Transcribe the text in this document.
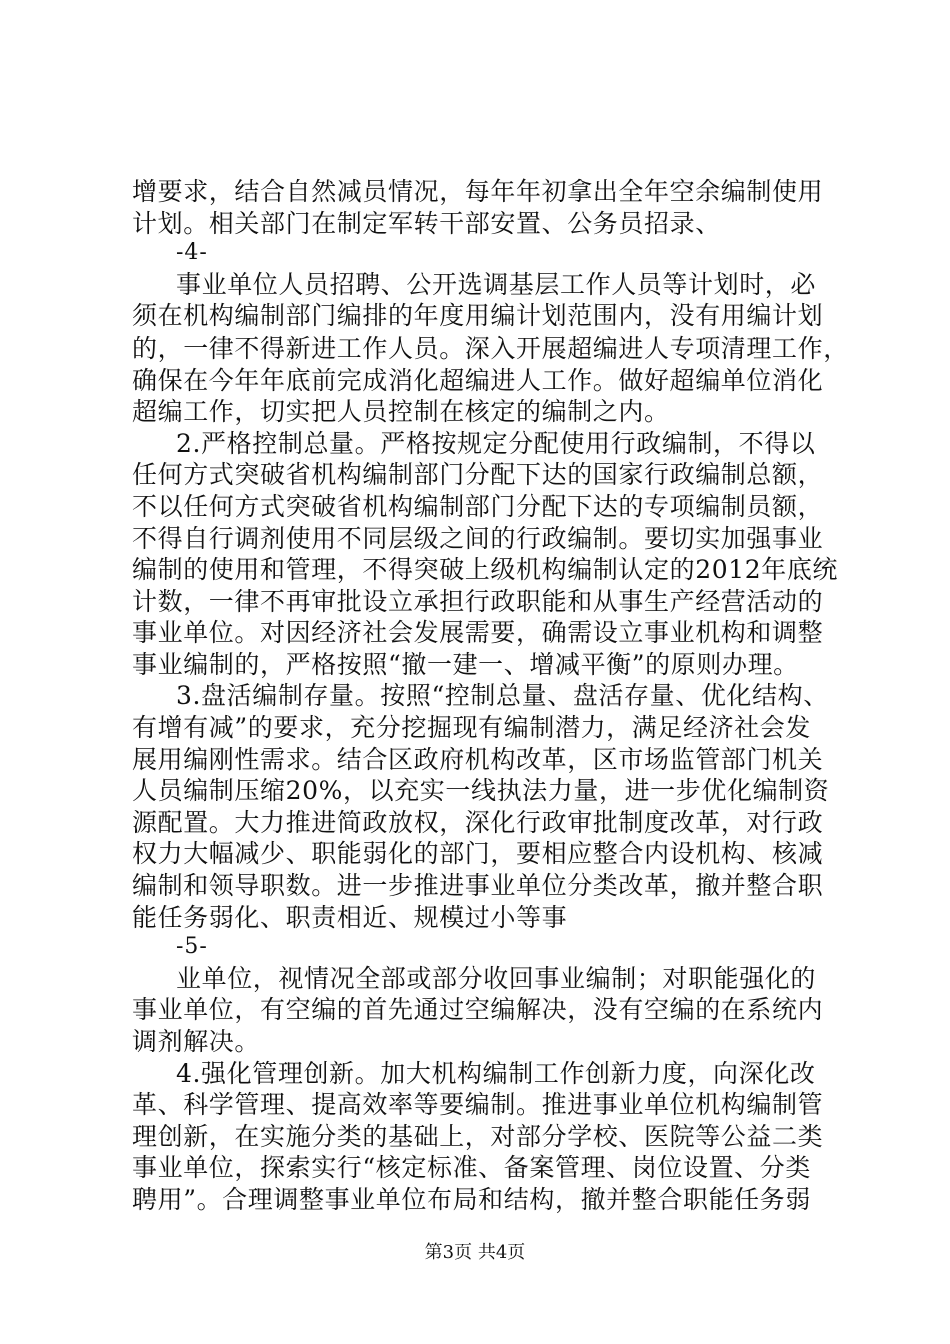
增要求，结合自然减员情况，每年年初拿出全年空余编制使用
计划。相关部门在制定军转干部安置、公务员招录、
-4-
事业单位人员招聘、公开选调基层工作人员等计划时，必
须在机构编制部门编排的年度用编计划范围内，没有用编计划
的，一律不得新进工作人员。深入开展超编进人专项清理工作，
确保在今年年底前完成消化超编进人工作。做好超编单位消化
超编工作，切实把人员控制在核定的编制之内。
2.严格控制总量。严格按规定分配使用行政编制，不得以
任何方式突破省机构编制部门分配下达的国家行政编制总额，
不以任何方式突破省机构编制部门分配下达的专项编制员额，
不得自行调剂使用不同层级之间的行政编制。要切实加强事业
编制的使用和管理，不得突破上级机构编制认定的2012年底统
计数，一律不再审批设立承担行政职能和从事生产经营活动的
事业单位。对因经济社会发展需要，确需设立事业机构和调整
事业编制的，严格按照“撤一建一、增减平衡”的原则办理。
3.盘活编制存量。按照“控制总量、盘活存量、优化结构、
有增有减”的要求，充分挖掘现有编制潜力，满足经济社会发
展用编刚性需求。结合区政府机构改革，区市场监管部门机关
人员编制压缩20%，以充实一线执法力量，进一步优化编制资
源配置。大力推进简政放权，深化行政审批制度改革，对行政
权力大幅减少、职能弱化的部门，要相应整合内设机构、核减
编制和领导职数。进一步推进事业单位分类改革，撤并整合职
能任务弱化、职责相近、规模过小等事
-5-
业单位，视情况全部或部分收回事业编制；对职能强化的
事业单位，有空编的首先通过空编解决，没有空编的在系统内
调剂解决。
4.强化管理创新。加大机构编制工作创新力度，向深化改
革、科学管理、提高效率等要编制。推进事业单位机构编制管
理创新，在实施分类的基础上，对部分学校、医院等公益二类
事业单位，探索实行“核定标准、备案管理、岗位设置、分类
聘用”。合理调整事业单位布局和结构，撤并整合职能任务弱
第3页 共4页
